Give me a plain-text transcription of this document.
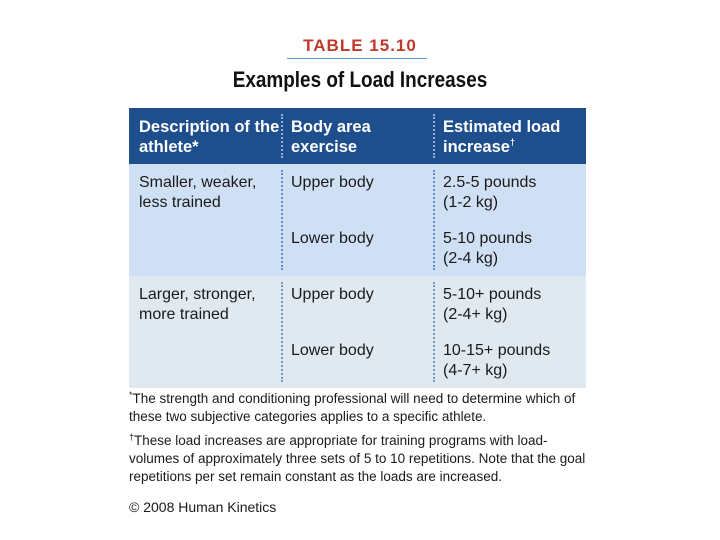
TABLE 15.10
Examples of Load Increases
Description of the athlete*
Body area exercise
Estimated load increase†
Smaller, weaker, less trained
Upper body
Lower body
2.5-5 pounds
(1-2 kg)
5-10 pounds
(2-4 kg)
Larger, stronger, more trained
Upper body
Lower body
5-10+ pounds
(2-4+ kg)
10-15+ pounds
(4-7+ kg)

*The strength and conditioning professional will need to determine which of these two subjective categories applies to a specific athlete.

†These load increases are appropriate for training programs with load-volumes of approximately three sets of 5 to 10 repetitions. Note that the goal repetitions per set remain constant as the loads are increased.

© 2008 Human Kinetics
